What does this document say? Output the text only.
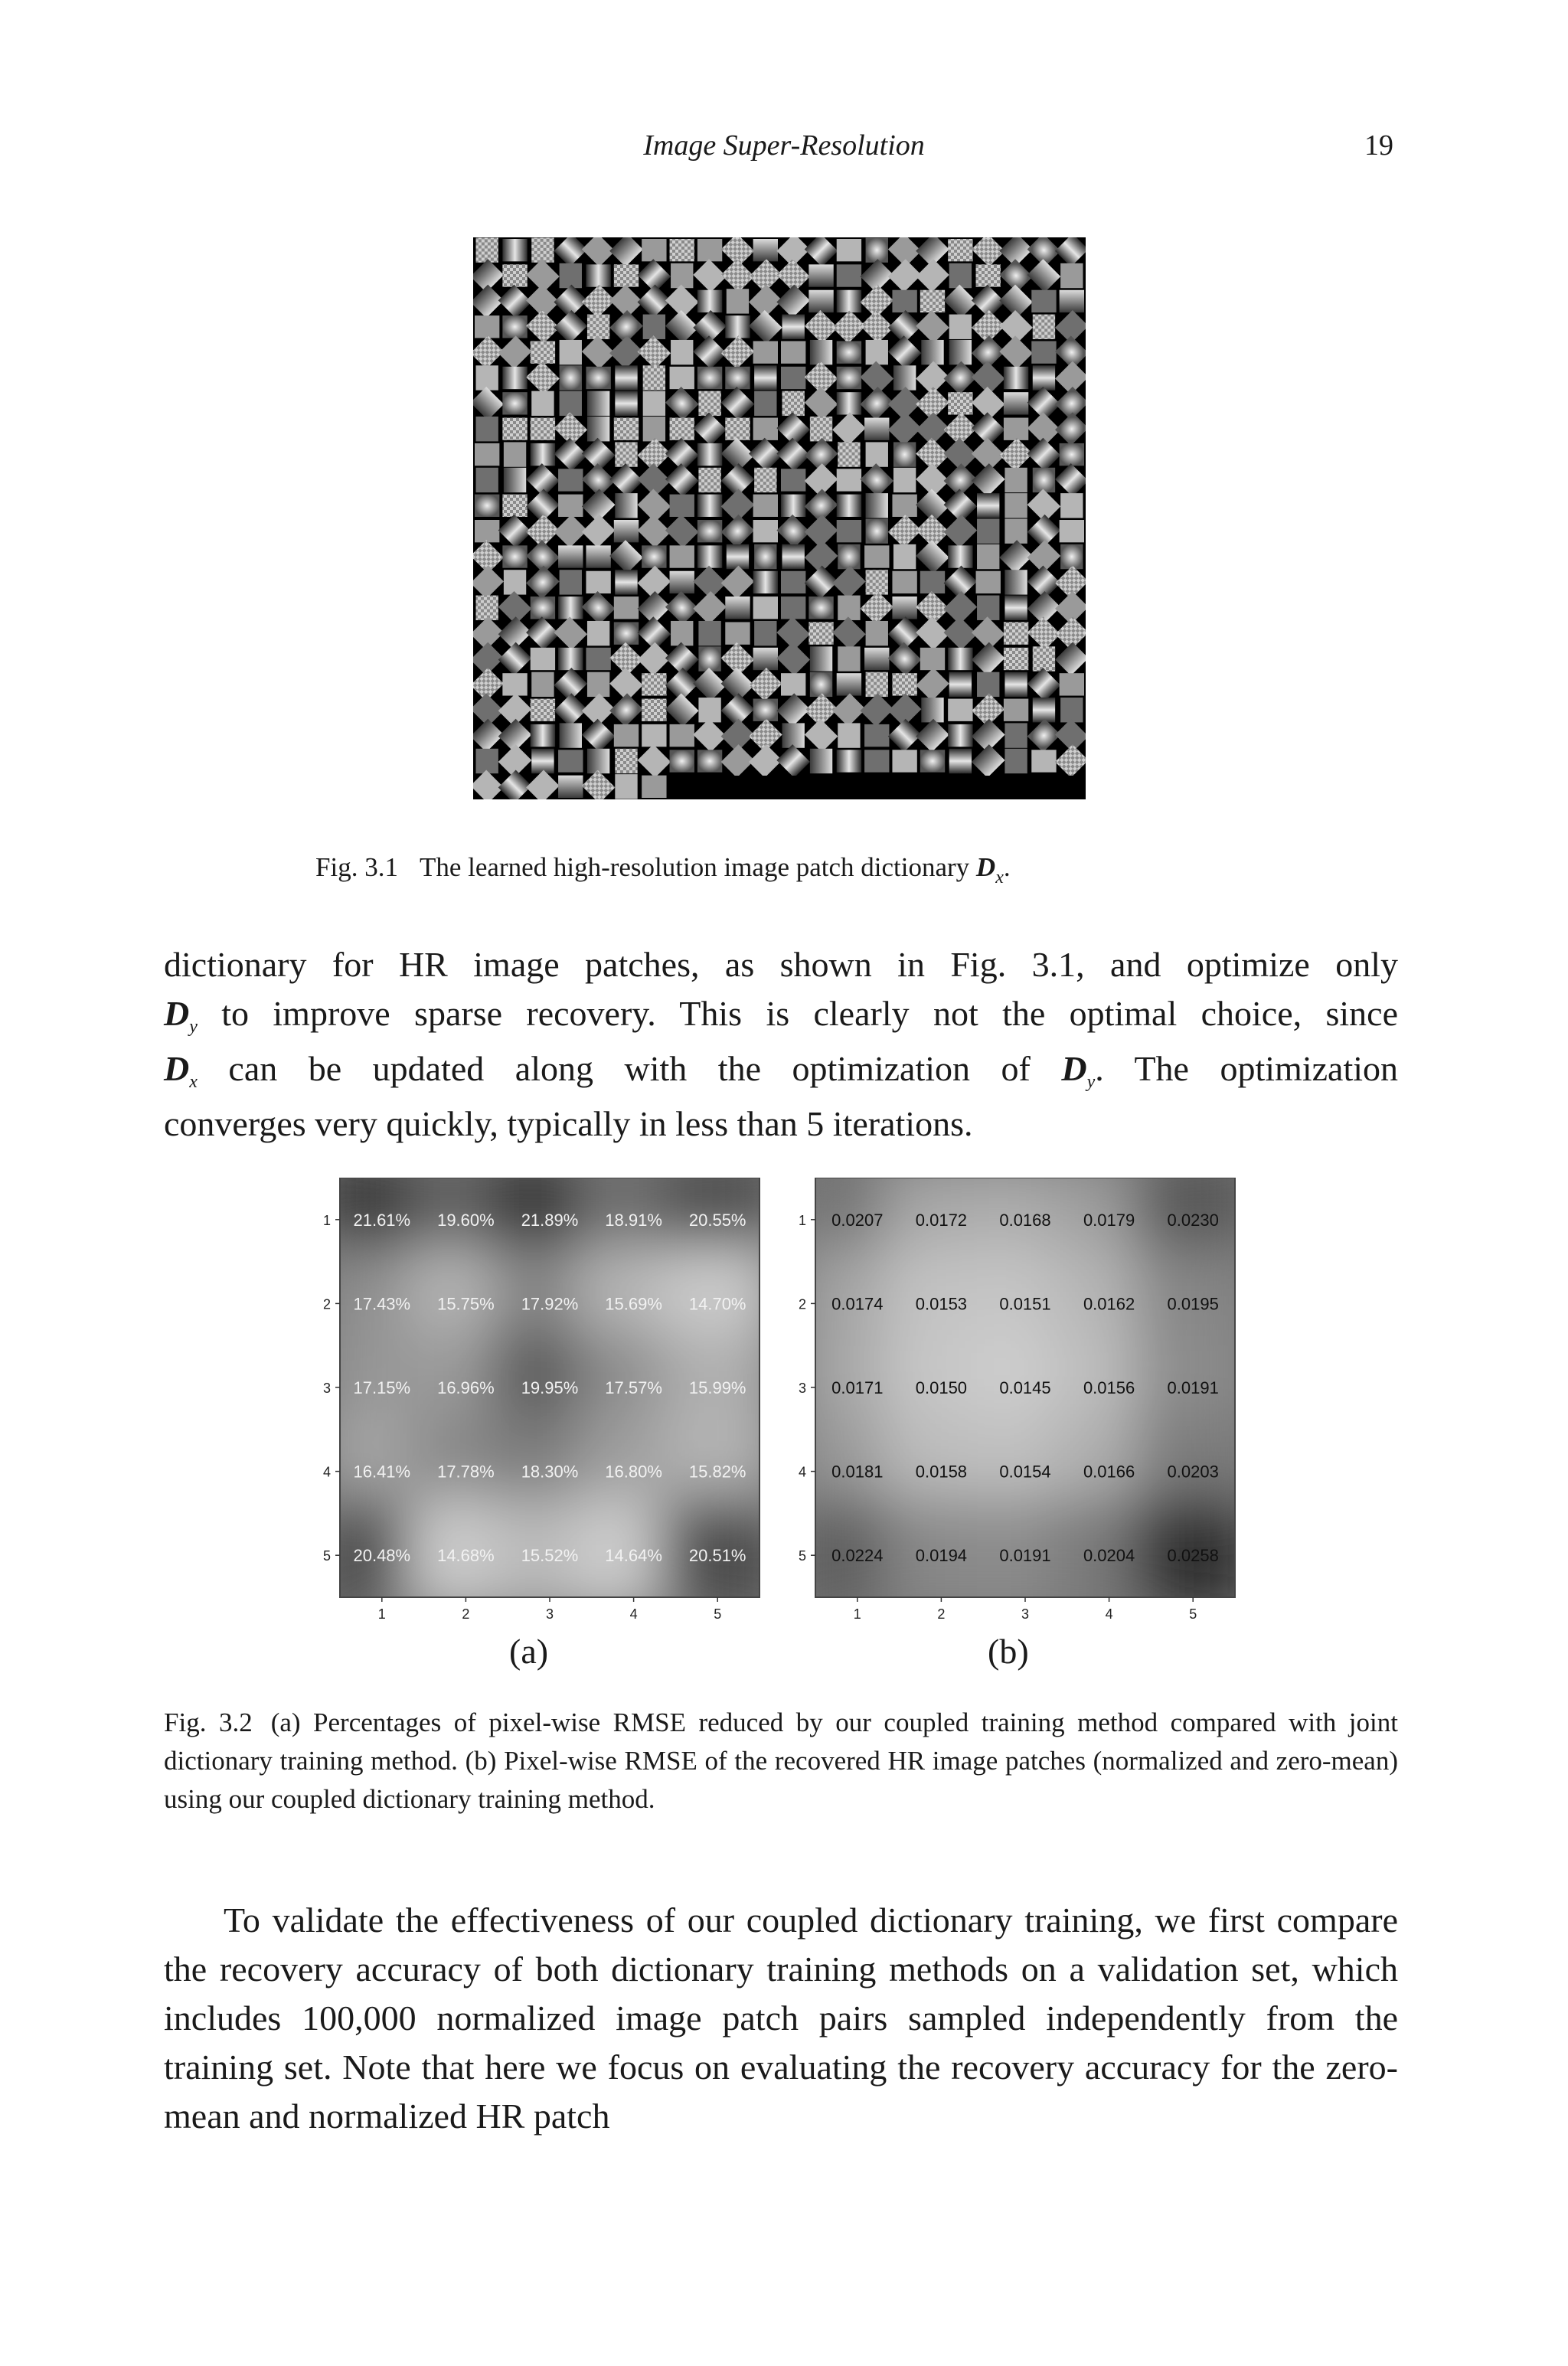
Image Super-Resolution	19
Fig. 3.1 The learned high-resolution image patch dictionary $D_x$.

dictionary for HR image patches, as shown in Fig. 3.1, and optimize only

Dy to improve sparse recovery. This is clearly not the optimal choice, since

Dx can be updated along with the optimization of Dy. The optimization

converges very quickly, typically in less than 5 iterations.

21.61% 19.60% 21.89% 18.91% 20.55%
17.43% 15.75% 17.92% 15.69% 14.70%
17.15% 16.96% 19.95% 17.57% 15.99%
16.41% 17.78% 18.30% 16.80% 15.82%
20.48% 14.68% 15.52% 14.64% 20.51%
1
2
3
4
5
1	2	3	4	5
0.0207 0.0172 0.0168 0.0179 0.0230
0.0174 0.0153 0.0151 0.0162 0.0195
0.0171 0.0150 0.0145 0.0156 0.0191
0.0181 0.0158 0.0154 0.0166 0.0203
0.0224 0.0194 0.0191 0.0204 0.0258
1
2
3
4
5
1	2	3	4	5
(a)	(b)

Fig. 3.2 (a) Percentages of pixel-wise RMSE reduced by our coupled training method compared with joint dictionary training method. (b) Pixel-wise RMSE of the recovered HR image patches (normalized and zero-mean) using our coupled dictionary training method.

To validate the effectiveness of our coupled dictionary training, we first compare the recovery accuracy of both dictionary training methods on a validation set, which includes 100,000 normalized image patch pairs sampled independently from the training set. Note that here we focus on evaluating the recovery accuracy for the zero-mean and normalized HR patch
